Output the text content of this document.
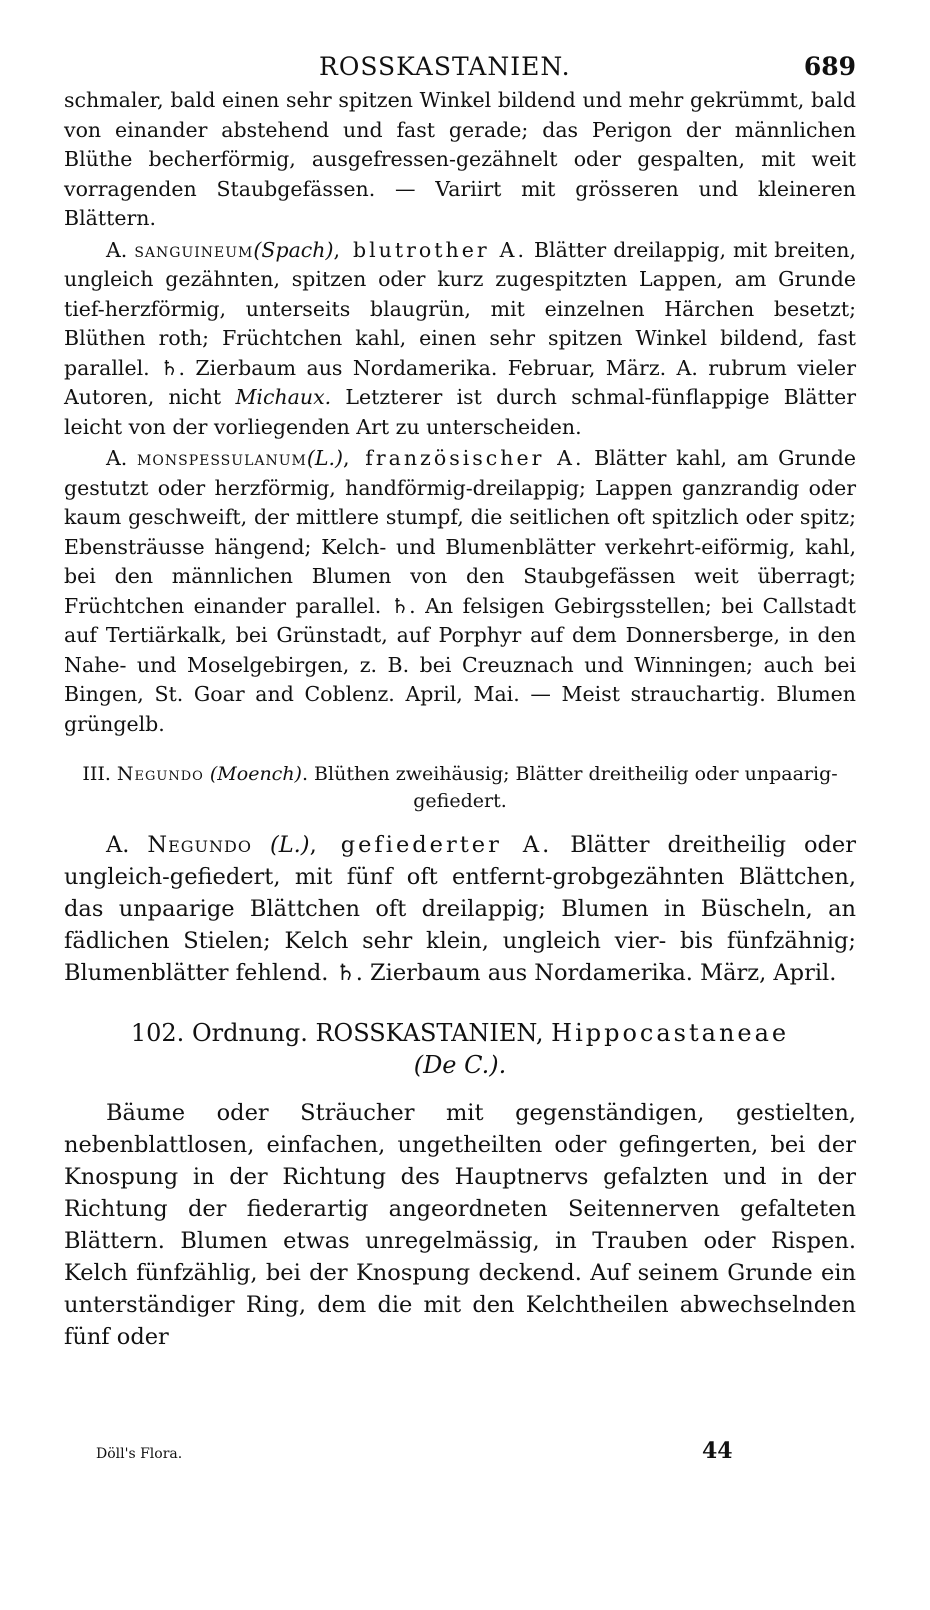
ROSSKASTANIEN.	689

schmaler, bald einen sehr spitzen Winkel bildend und mehr gekrümmt, bald von einander abstehend und fast gerade; das Perigon der männlichen Blüthe becherförmig, ausgefressen-gezähnelt oder gespalten, mit weit vorragenden Staubgefässen. — Variirt mit grösseren und kleineren Blättern.

A. sanguineum(Spach), blutrother A. Blätter dreilappig, mit breiten, ungleich gezähnten, spitzen oder kurz zugespitzten Lappen, am Grunde tief-herzförmig, unterseits blaugrün, mit einzelnen Härchen besetzt; Blüthen roth; Früchtchen kahl, einen sehr spitzen Winkel bildend, fast parallel. ♄. Zierbaum aus Nordamerika. Februar, März. A. rubrum vieler Autoren, nicht Michaux. Letzterer ist durch schmal-fünflappige Blätter leicht von der vorliegenden Art zu unterscheiden.

A. monspessulanum(L.), französischer A. Blätter kahl, am Grunde gestutzt oder herzförmig, handförmig-dreilappig; Lappen ganzrandig oder kaum geschweift, der mittlere stumpf, die seitlichen oft spitzlich oder spitz; Ebensträusse hängend; Kelch- und Blumenblätter verkehrt-eiförmig, kahl, bei den männlichen Blumen von den Staubgefässen weit überragt; Früchtchen einander parallel. ♄. An felsigen Gebirgsstellen; bei Callstadt auf Tertiärkalk, bei Grünstadt, auf Porphyr auf dem Donnersberge, in den Nahe- und Moselgebirgen, z. B. bei Creuznach und Winningen; auch bei Bingen, St. Goar and Coblenz. April, Mai. — Meist strauchartig. Blumen grüngelb.

III. Negundo (Moench). Blüthen zweihäusig; Blätter dreitheilig oder unpaarig-gefiedert.

A. Negundo (L.), gefiederter A. Blätter dreitheilig oder ungleich-gefiedert, mit fünf oft entfernt-grobgezähnten Blättchen, das unpaarige Blättchen oft dreilappig; Blumen in Büscheln, an fädlichen Stielen; Kelch sehr klein, ungleich vier- bis fünfzähnig; Blumenblätter fehlend. ♄. Zierbaum aus Nordamerika. März, April.

102. Ordnung. ROSSKASTANIEN, Hippocastaneae

(De C.).

Bäume oder Sträucher mit gegenständigen, gestielten, nebenblattlosen, einfachen, ungetheilten oder gefingerten, bei der Knospung in der Richtung des Hauptnervs gefalzten und in der Richtung der fiederartig angeordneten Seitennerven gefalteten Blättern. Blumen etwas unregelmässig, in Trauben oder Rispen. Kelch fünfzählig, bei der Knospung deckend. Auf seinem Grunde ein unterständiger Ring, dem die mit den Kelchtheilen abwechselnden fünf oder

Döll's Flora.	44
